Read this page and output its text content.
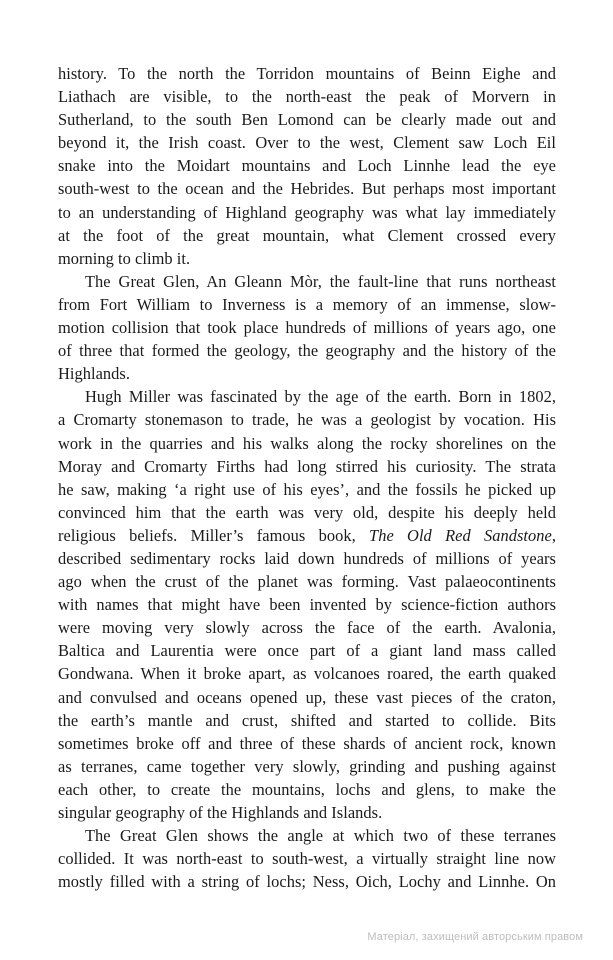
history. To the north the Torridon mountains of Beinn Eighe and
Liathach are visible, to the north-east the peak of Morvern in
Sutherland, to the south Ben Lomond can be clearly made out and
beyond it, the Irish coast. Over to the west, Clement saw Loch Eil
snake into the Moidart mountains and Loch Linnhe lead the eye
south-west to the ocean and the Hebrides. But perhaps most important
to an understanding of Highland geography was what lay immediately
at the foot of the great mountain, what Clement crossed every
morning to climb it.
The Great Glen, An Gleann Mòr, the fault-line that runs northeast
from Fort William to Inverness is a memory of an immense, slow-
motion collision that took place hundreds of millions of years ago, one
of three that formed the geology, the geography and the history of the
Highlands.
Hugh Miller was fascinated by the age of the earth. Born in 1802,
a Cromarty stonemason to trade, he was a geologist by vocation. His
work in the quarries and his walks along the rocky shorelines on the
Moray and Cromarty Firths had long stirred his curiosity. The strata
he saw, making ‘a right use of his eyes’, and the fossils he picked up
convinced him that the earth was very old, despite his deeply held
religious beliefs. Miller’s famous book, The Old Red Sandstone,
described sedimentary rocks laid down hundreds of millions of years
ago when the crust of the planet was forming. Vast palaeocontinents
with names that might have been invented by science-fiction authors
were moving very slowly across the face of the earth. Avalonia,
Baltica and Laurentia were once part of a giant land mass called
Gondwana. When it broke apart, as volcanoes roared, the earth quaked
and convulsed and oceans opened up, these vast pieces of the craton,
the earth’s mantle and crust, shifted and started to collide. Bits
sometimes broke off and three of these shards of ancient rock, known
as terranes, came together very slowly, grinding and pushing against
each other, to create the mountains, lochs and glens, to make the
singular geography of the Highlands and Islands.
The Great Glen shows the angle at which two of these terranes
collided. It was north-east to south-west, a virtually straight line now
mostly filled with a string of lochs; Ness, Oich, Lochy and Linnhe. On
Матеріал, захищений авторським правом
